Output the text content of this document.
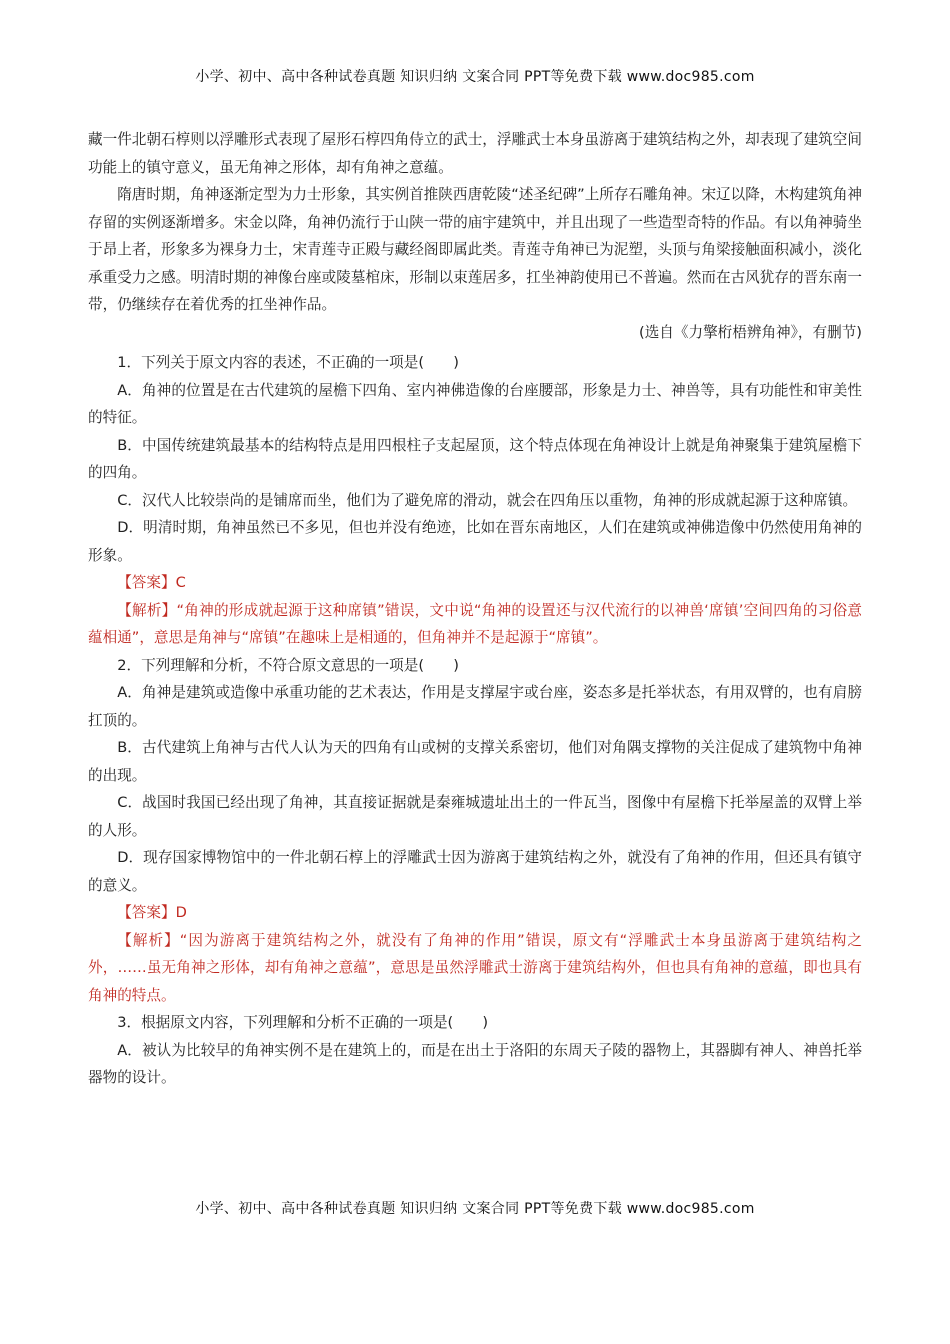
小学、初中、高中各种试卷真题 知识归纳 文案合同 PPT等免费下载 www.doc985.com

藏一件北朝石椁则以浮雕形式表现了屋形石椁四角侍立的武士，浮雕武士本身虽游离于建筑结构之外，却表现了建筑空间功能上的镇守意义，虽无角神之形体，却有角神之意蕴。

隋唐时期，角神逐渐定型为力士形象，其实例首推陕西唐乾陵“述圣纪碑”上所存石雕角神。宋辽以降，木构建筑角神存留的实例逐渐增多。宋金以降，角神仍流行于山陕一带的庙宇建筑中，并且出现了一些造型奇特的作品。有以角神骑坐于昂上者，形象多为裸身力士，宋青莲寺正殿与藏经阁即属此类。青莲寺角神已为泥塑，头顶与角梁接触面积减小，淡化承重受力之感。明清时期的神像台座或陵墓棺床，形制以束莲居多，扛坐神韵使用已不普遍。然而在古风犹存的晋东南一带，仍继续存在着优秀的扛坐神作品。

(选自《力擎桁梧辨角神》，有删节)

1．下列关于原文内容的表述，不正确的一项是(　　)

A．角神的位置是在古代建筑的屋檐下四角、室内神佛造像的台座腰部，形象是力士、神兽等，具有功能性和审美性的特征。

B．中国传统建筑最基本的结构特点是用四根柱子支起屋顶，这个特点体现在角神设计上就是角神聚集于建筑屋檐下的四角。

C．汉代人比较崇尚的是铺席而坐，他们为了避免席的滑动，就会在四角压以重物，角神的形成就起源于这种席镇。

D．明清时期，角神虽然已不多见，但也并没有绝迹，比如在晋东南地区，人们在建筑或神佛造像中仍然使用角神的形象。

【答案】C

【解析】“角神的形成就起源于这种席镇”错误，文中说“角神的设置还与汉代流行的以神兽‘席镇’空间四角的习俗意蕴相通”，意思是角神与“席镇”在趣味上是相通的，但角神并不是起源于“席镇”。

2．下列理解和分析，不符合原文意思的一项是(　　)

A．角神是建筑或造像中承重功能的艺术表达，作用是支撑屋宇或台座，姿态多是托举状态，有用双臂的，也有肩膀扛顶的。

B．古代建筑上角神与古代人认为天的四角有山或树的支撑关系密切，他们对角隅支撑物的关注促成了建筑物中角神的出现。

C．战国时我国已经出现了角神，其直接证据就是秦雍城遗址出土的一件瓦当，图像中有屋檐下托举屋盖的双臂上举的人形。

D．现存国家博物馆中的一件北朝石椁上的浮雕武士因为游离于建筑结构之外，就没有了角神的作用，但还具有镇守的意义。

【答案】D

【解析】“因为游离于建筑结构之外，就没有了角神的作用”错误，原文有“浮雕武士本身虽游离于建筑结构之外，……虽无角神之形体，却有角神之意蕴”，意思是虽然浮雕武士游离于建筑结构外，但也具有角神的意蕴，即也具有角神的特点。

3．根据原文内容，下列理解和分析不正确的一项是(　　)

A．被认为比较早的角神实例不是在建筑上的，而是在出土于洛阳的东周天子陵的器物上，其器脚有神人、神兽托举器物的设计。

小学、初中、高中各种试卷真题 知识归纳 文案合同 PPT等免费下载 www.doc985.com
